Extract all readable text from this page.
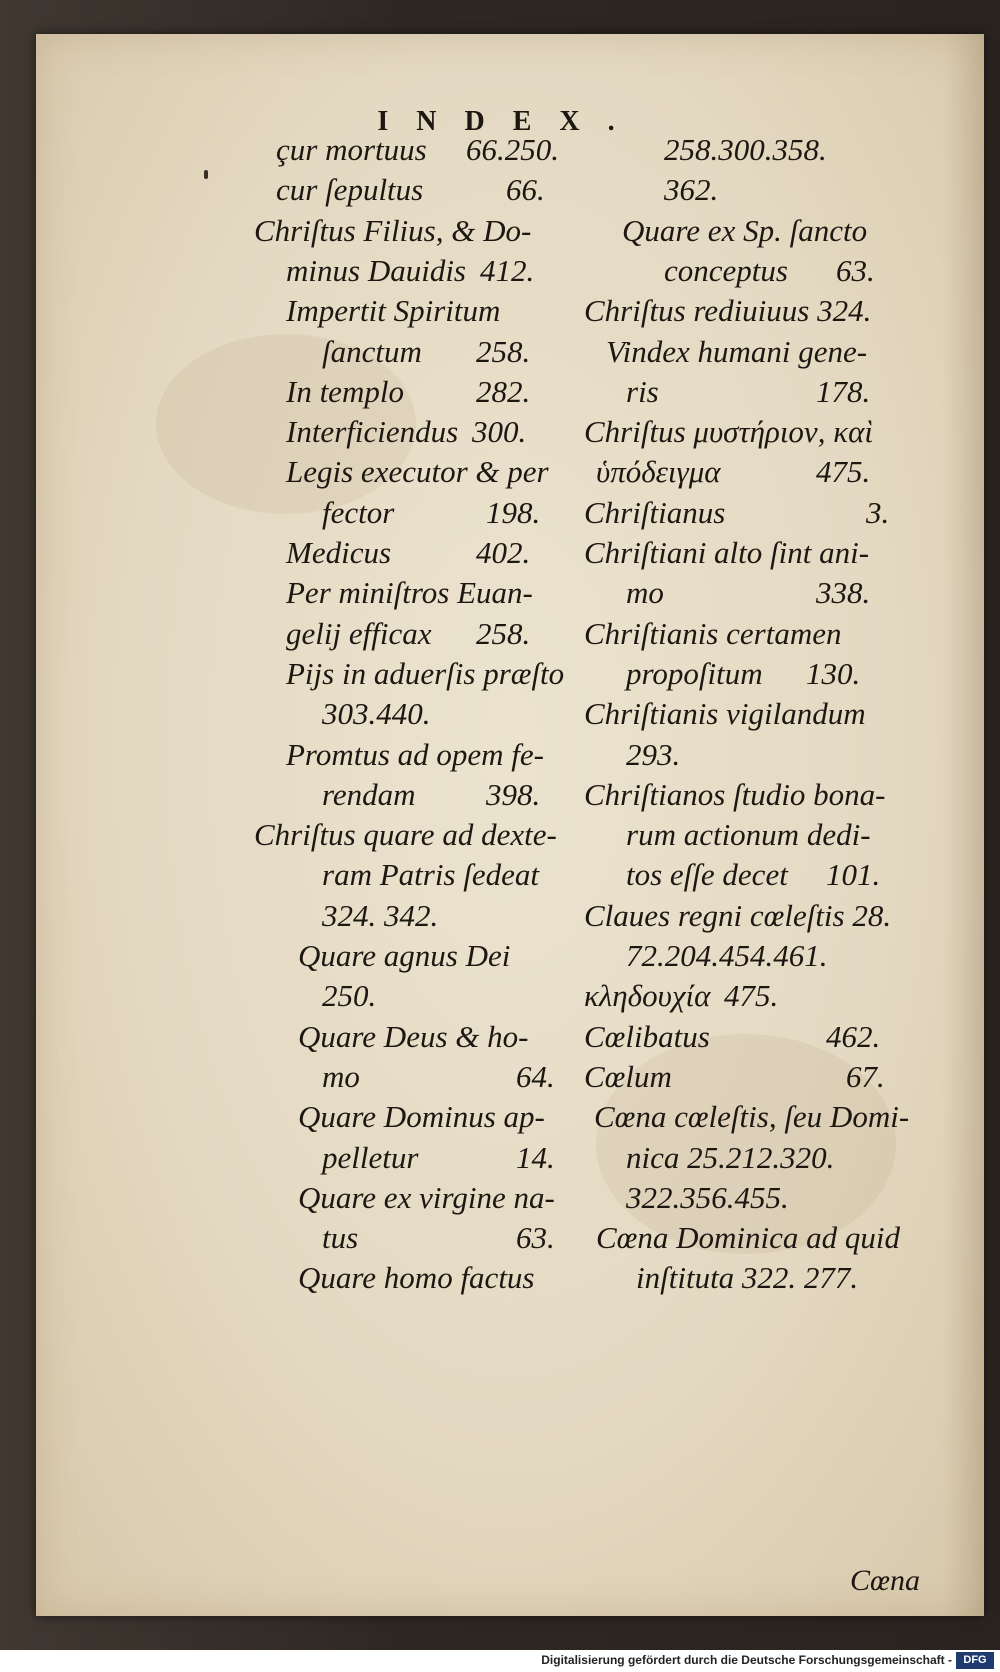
INDEX.
çur mortuus 66.250.
cur ſepultus	66.
Chriſtus Filius, & Do-
minus Dauidis 412.
Impertit Spiritum
ſanctum 258.
In templo 282.
Interficiendus 300.
Legis executor & per
fector	198.
Medicus	402.
Per miniſtros Euan-
gelij efficax 258.
Pijs in aduerſis præſto
303.440.
Promtus ad opem fe-
rendam 398.
Chriſtus quare ad dexte-
ram Patris ſedeat
324. 342.
Quare agnus Dei
250.
Quare Deus & ho-
mo	64.
Quare Dominus ap-
pelletur	14.
Quare ex virgine na-
tus	63.
Quare homo factus
258.300.358.
362.
Quare ex Sp. ſancto
conceptus 63.
Chriſtus rediuiuus 324.
Vindex humani gene-
ris	178.
Chriſtus μυστήριον, καὶ
ὑπόδειγμα	475.
Chriſtianus	3.
Chriſtiani alto ſint ani-
mo	338.
Chriſtianis certamen
propoſitum 130.
Chriſtianis vigilandum
293.
Chriſtianos ſtudio bona-
rum actionum dedi-
tos eſſe decet 101.
Claues regni cœleſtis 28.
72.204.454.461.
κληδουχία 475.
Cœlibatus	462.
Cœlum	67.
Cœna cœleſtis, ſeu Domi-
nica 25.212.320.
322.356.455.
Cœna Dominica ad quid
inſtituta 322. 277.
Cœna
Digitalisierung gefördert durch die Deutsche Forschungsgemeinschaft -	DFG
